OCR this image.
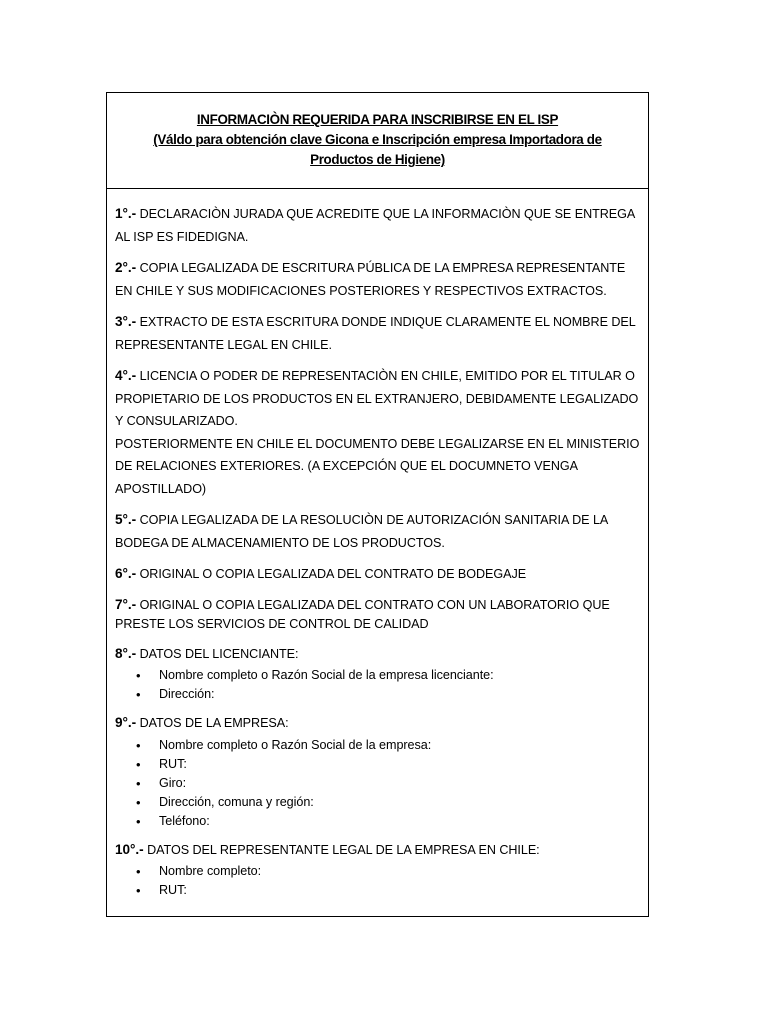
INFORMACIÒN REQUERIDA PARA INSCRIBIRSE EN EL ISP
(Váldo para obtención clave Gicona e Inscripción empresa Importadora de Productos de Higiene)
1°.- DECLARACIÒN JURADA QUE ACREDITE QUE LA INFORMACIÒN QUE SE ENTREGA AL ISP ES FIDEDIGNA.
2°.- COPIA LEGALIZADA DE ESCRITURA PÚBLICA DE LA EMPRESA REPRESENTANTE EN CHILE Y SUS MODIFICACIONES POSTERIORES Y RESPECTIVOS EXTRACTOS.
3°.- EXTRACTO DE ESTA ESCRITURA DONDE INDIQUE CLARAMENTE EL NOMBRE DEL REPRESENTANTE LEGAL EN CHILE.
4°.- LICENCIA O PODER DE REPRESENTACIÒN EN CHILE, EMITIDO POR EL TITULAR O PROPIETARIO DE LOS PRODUCTOS EN EL EXTRANJERO, DEBIDAMENTE LEGALIZADO Y CONSULARIZADO.
POSTERIORMENTE EN CHILE EL DOCUMENTO DEBE LEGALIZARSE EN EL MINISTERIO DE RELACIONES EXTERIORES. (A EXCEPCIÓN QUE EL DOCUMNETO VENGA APOSTILLADO)
5°.- COPIA LEGALIZADA DE LA RESOLUCIÒN DE AUTORIZACIÓN SANITARIA DE LA BODEGA DE ALMACENAMIENTO DE LOS PRODUCTOS.
6°.- ORIGINAL O COPIA LEGALIZADA DEL CONTRATO DE BODEGAJE
7°.- ORIGINAL O COPIA LEGALIZADA DEL CONTRATO CON UN LABORATORIO QUE PRESTE LOS SERVICIOS DE CONTROL DE CALIDAD
8°.- DATOS DEL LICENCIANTE:
• Nombre completo o Razón Social de la empresa licenciante:
• Dirección:
9°.- DATOS DE LA EMPRESA:
• Nombre completo o Razón Social de la empresa:
• RUT:
• Giro:
• Dirección, comuna y región:
• Teléfono:
10°.- DATOS DEL REPRESENTANTE LEGAL DE LA EMPRESA EN CHILE:
• Nombre completo:
• RUT:
